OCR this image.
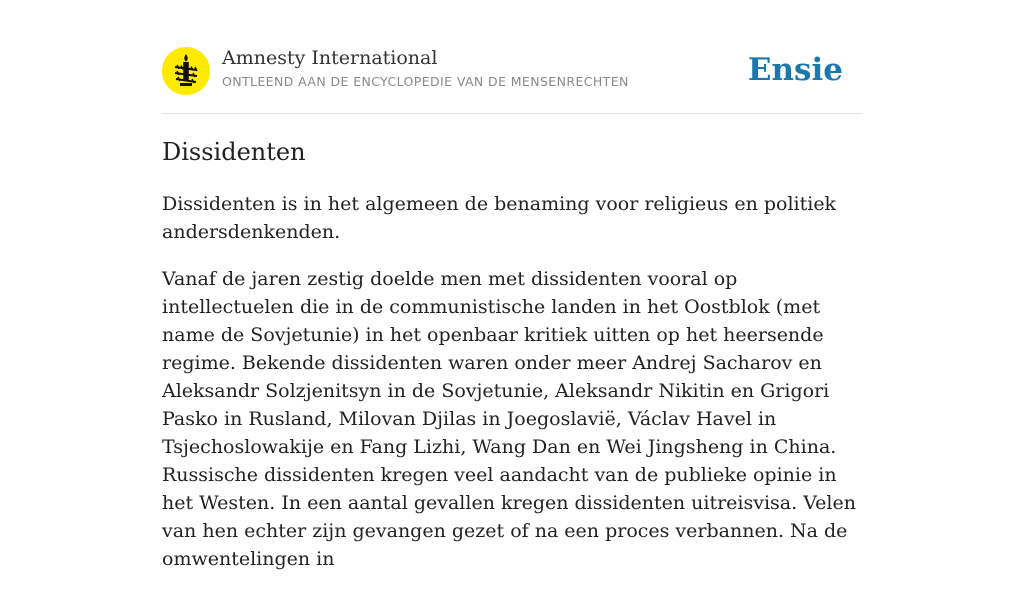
Amnesty International
ONTLEEND AAN DE ENCYCLOPEDIE VAN DE MENSENRECHTEN	Ensie
Dissidenten

Dissidenten is in het algemeen de benaming voor religieus en politiek andersdenkenden.

Vanaf de jaren zestig doelde men met dissidenten vooral op intellectuelen die in de communistische landen in het Oostblok (met name de Sovjetunie) in het openbaar kritiek uitten op het heersende regime. Bekende dissidenten waren onder meer Andrej Sacharov en Aleksandr Solzjenitsyn in de Sovjetunie, Aleksandr Nikitin en Grigori Pasko in Rusland, Milovan Djilas in Joegoslavië, Václav Havel in Tsjechoslowakije en Fang Lizhi, Wang Dan en Wei Jingsheng in China. Russische dissidenten kregen veel aandacht van de publieke opinie in het Westen. In een aantal gevallen kregen dissidenten uitreisvisa. Velen van hen echter zijn gevangen gezet of na een proces verbannen. Na de omwentelingen in
